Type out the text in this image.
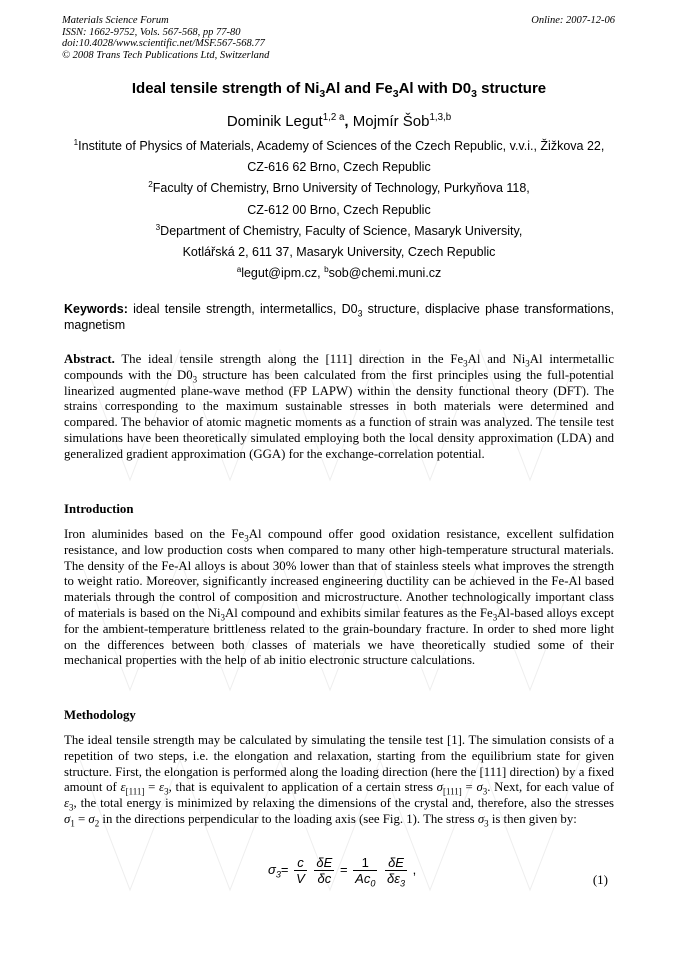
Materials Science Forum
ISSN: 1662-9752, Vols. 567-568, pp 77-80
doi:10.4028/www.scientific.net/MSF.567-568.77
© 2008 Trans Tech Publications Ltd, Switzerland
Online: 2007-12-06
Ideal tensile strength of $Ni_3Al$ and $Fe_3Al$ with $D0_3$ structure
Dominik Legut$^{1,2 a}$, Mojmír Šob$^{1,3,b}$
$^1$Institute of Physics of Materials, Academy of Sciences of the Czech Republic, v.v.i., Žižkova 22,
CZ-616 62 Brno, Czech Republic
$^2$Faculty of Chemistry, Brno University of Technology, Purkyňova 118,
CZ-612 00 Brno, Czech Republic
$^3$Department of Chemistry, Faculty of Science, Masaryk University,
Kotlářská 2, 611 37, Masaryk University, Czech Republic
$^a$legut@ipm.cz, $^b$sob@chemi.muni.cz
Keywords: ideal tensile strength, intermetallics, $D0_3$ structure, displacive phase transformations, magnetism
Abstract. The ideal tensile strength along the [111] direction in the $Fe_3Al$ and $Ni_3Al$ intermetallic compounds with the $D0_3$ structure has been calculated from the first principles using the full-potential linearized augmented plane-wave method (FP LAPW) within the density functional theory (DFT). The strains corresponding to the maximum sustainable stresses in both materials were determined and compared. The behavior of atomic magnetic moments as a function of strain was analyzed. The tensile test simulations have been theoretically simulated employing both the local density approximation (LDA) and generalized gradient approximation (GGA) for the exchange-correlation potential.
Introduction
Iron aluminides based on the $Fe_3Al$ compound offer good oxidation resistance, excellent sulfidation resistance, and low production costs when compared to many other high-temperature structural materials. The density of the Fe-Al alloys is about 30% lower than that of stainless steels what improves the strength to weight ratio. Moreover, significantly increased engineering ductility can be achieved in the Fe-Al based materials through the control of composition and microstructure. Another technologically important class of materials is based on the $Ni_3Al$ compound and exhibits similar features as the $Fe_3Al$-based alloys except for the ambient-temperature brittleness related to the grain-boundary fracture. In order to shed more light on the differences between both classes of materials we have theoretically studied some of their mechanical properties with the help of ab initio electronic structure calculations.
Methodology
The ideal tensile strength may be calculated by simulating the tensile test [1]. The simulation consists of a repetition of two steps, i.e. the elongation and relaxation, starting from the equilibrium state for given structure. First, the elongation is performed along the loading direction (here the [111] direction) by a fixed amount of $\varepsilon_{[111]} = \varepsilon_3$, that is equivalent to application of a certain stress $\sigma_{[111]} = \sigma_3$. Next, for each value of $\varepsilon_3$, the total energy is minimized by relaxing the dimensions of the crystal and, therefore, also the stresses $\sigma_1 = \sigma_2$ in the directions perpendicular to the loading axis (see Fig. 1). The stress $\sigma_3$ is then given by:
$\sigma_3= \frac{c}{V}$
$\frac{\delta E}{\delta c} = \frac{1}{Ac_0}$
$\frac{\delta E}{\delta\varepsilon_3}$ ,
(1)
